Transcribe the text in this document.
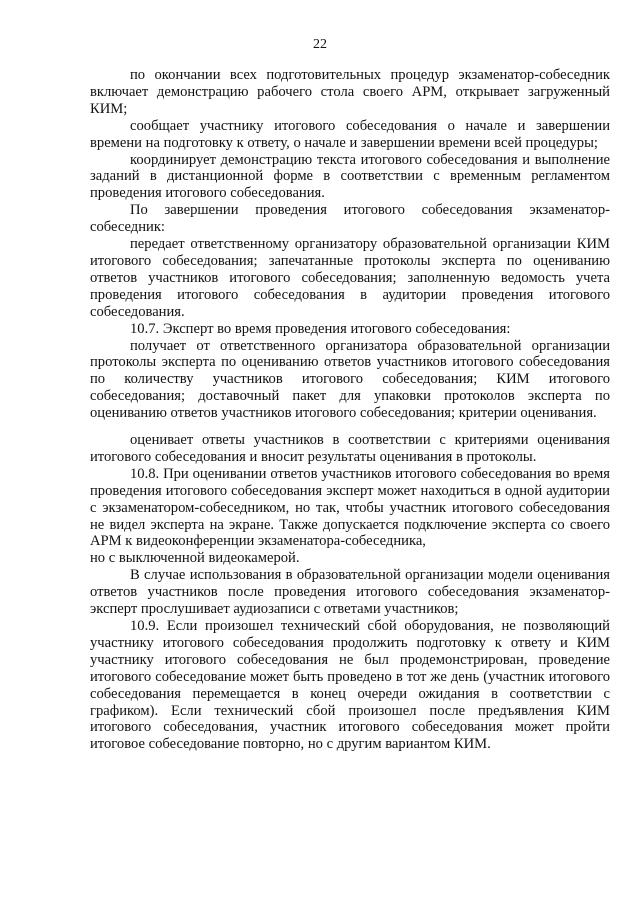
22

по окончании всех подготовительных процедур экзаменатор-собеседник включает демонстрацию рабочего стола своего АРМ, открывает загруженный КИМ;

сообщает участнику итогового собеседования о начале и завершении времени на подготовку к ответу, о начале и завершении времени всей процедуры;

координирует демонстрацию текста итогового собеседования и выполнение заданий в дистанционной форме в соответствии с временным регламентом проведения итогового собеседования.

По завершении проведения итогового собеседования экзаменатор-собеседник:

передает ответственному организатору образовательной организации КИМ итогового собеседования; запечатанные протоколы эксперта по оцениванию ответов участников итогового собеседования; заполненную ведомость учета проведения итогового собеседования в аудитории проведения итогового собеседования.

10.7. Эксперт во время проведения итогового собеседования:

получает от ответственного организатора образовательной организации протоколы эксперта по оцениванию ответов участников итогового собеседования по количеству участников итогового собеседования; КИМ итогового собеседования; доставочный пакет для упаковки протоколов эксперта по оцениванию ответов участников итогового собеседования; критерии оценивания.

оценивает ответы участников в соответствии с критериями оценивания итогового собеседования и вносит результаты оценивания в протоколы.

10.8. При оценивании ответов участников итогового собеседования во время проведения итогового собеседования эксперт может находиться в одной аудитории с экзаменатором-собеседником, но так, чтобы участник итогового собеседования не видел эксперта на экране. Также допускается подключение эксперта со своего АРМ к видеоконференции экзаменатора-собеседника,

но с выключенной видеокамерой.

В случае использования в образовательной организации модели оценивания ответов участников после проведения итогового собеседования экзаменатор-эксперт прослушивает аудиозаписи с ответами участников;

10.9. Если произошел технический сбой оборудования, не позволяющий участнику итогового собеседования продолжить подготовку к ответу и КИМ участнику итогового собеседования не был продемонстрирован, проведение итогового собеседование может быть проведено в тот же день (участник итогового собеседования перемещается в конец очереди ожидания в соответствии с графиком). Если технический сбой произошел после предъявления КИМ итогового собеседования, участник итогового собеседования может пройти итоговое собеседование повторно, но с другим вариантом КИМ.
